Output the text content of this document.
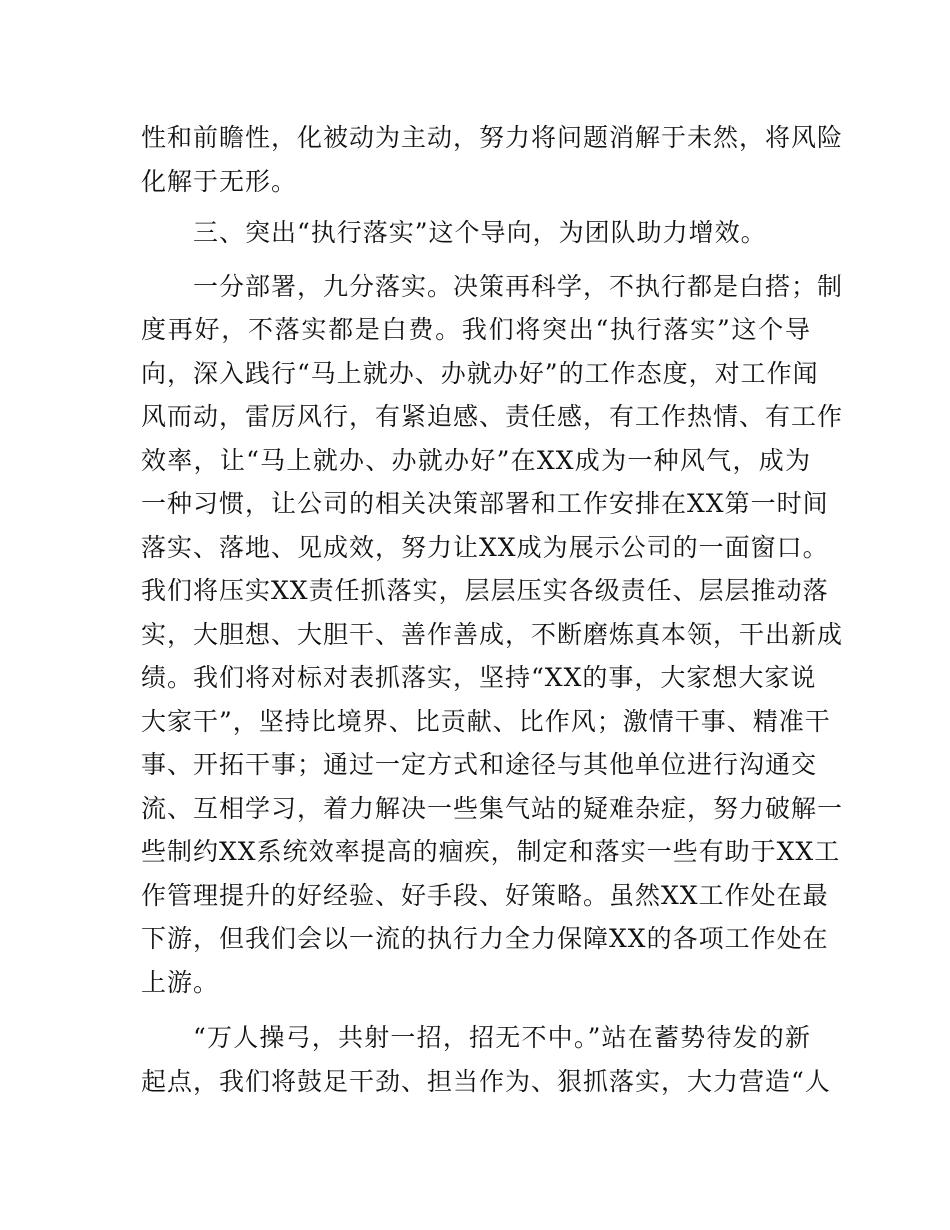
性和前瞻性，化被动为主动，努力将问题消解于未然，将风险
化解于无形。
三、突出“执行落实”这个导向，为团队助力增效。
一分部署，九分落实。决策再科学，不执行都是白搭；制
度再好，不落实都是白费。我们将突出“执行落实”这个导
向，深入践行“马上就办、办就办好”的工作态度，对工作闻
风而动，雷厉风行，有紧迫感、责任感，有工作热情、有工作
效率，让“马上就办、办就办好”在XX成为一种风气，成为
一种习惯，让公司的相关决策部署和工作安排在XX第一时间
落实、落地、见成效，努力让XX成为展示公司的一面窗口。
我们将压实XX责任抓落实，层层压实各级责任、层层推动落
实，大胆想、大胆干、善作善成，不断磨炼真本领，干出新成
绩。我们将对标对表抓落实，坚持“XX的事，大家想大家说
大家干”，坚持比境界、比贡献、比作风；激情干事、精准干
事、开拓干事；通过一定方式和途径与其他单位进行沟通交
流、互相学习，着力解决一些集气站的疑难杂症，努力破解一
些制约XX系统效率提高的痼疾，制定和落实一些有助于XX工
作管理提升的好经验、好手段、好策略。虽然XX工作处在最
下游，但我们会以一流的执行力全力保障XX的各项工作处在
上游。
“万人操弓，共射一招，招无不中。”站在蓄势待发的新
起点，我们将鼓足干劲、担当作为、狠抓落实，大力营造“人
